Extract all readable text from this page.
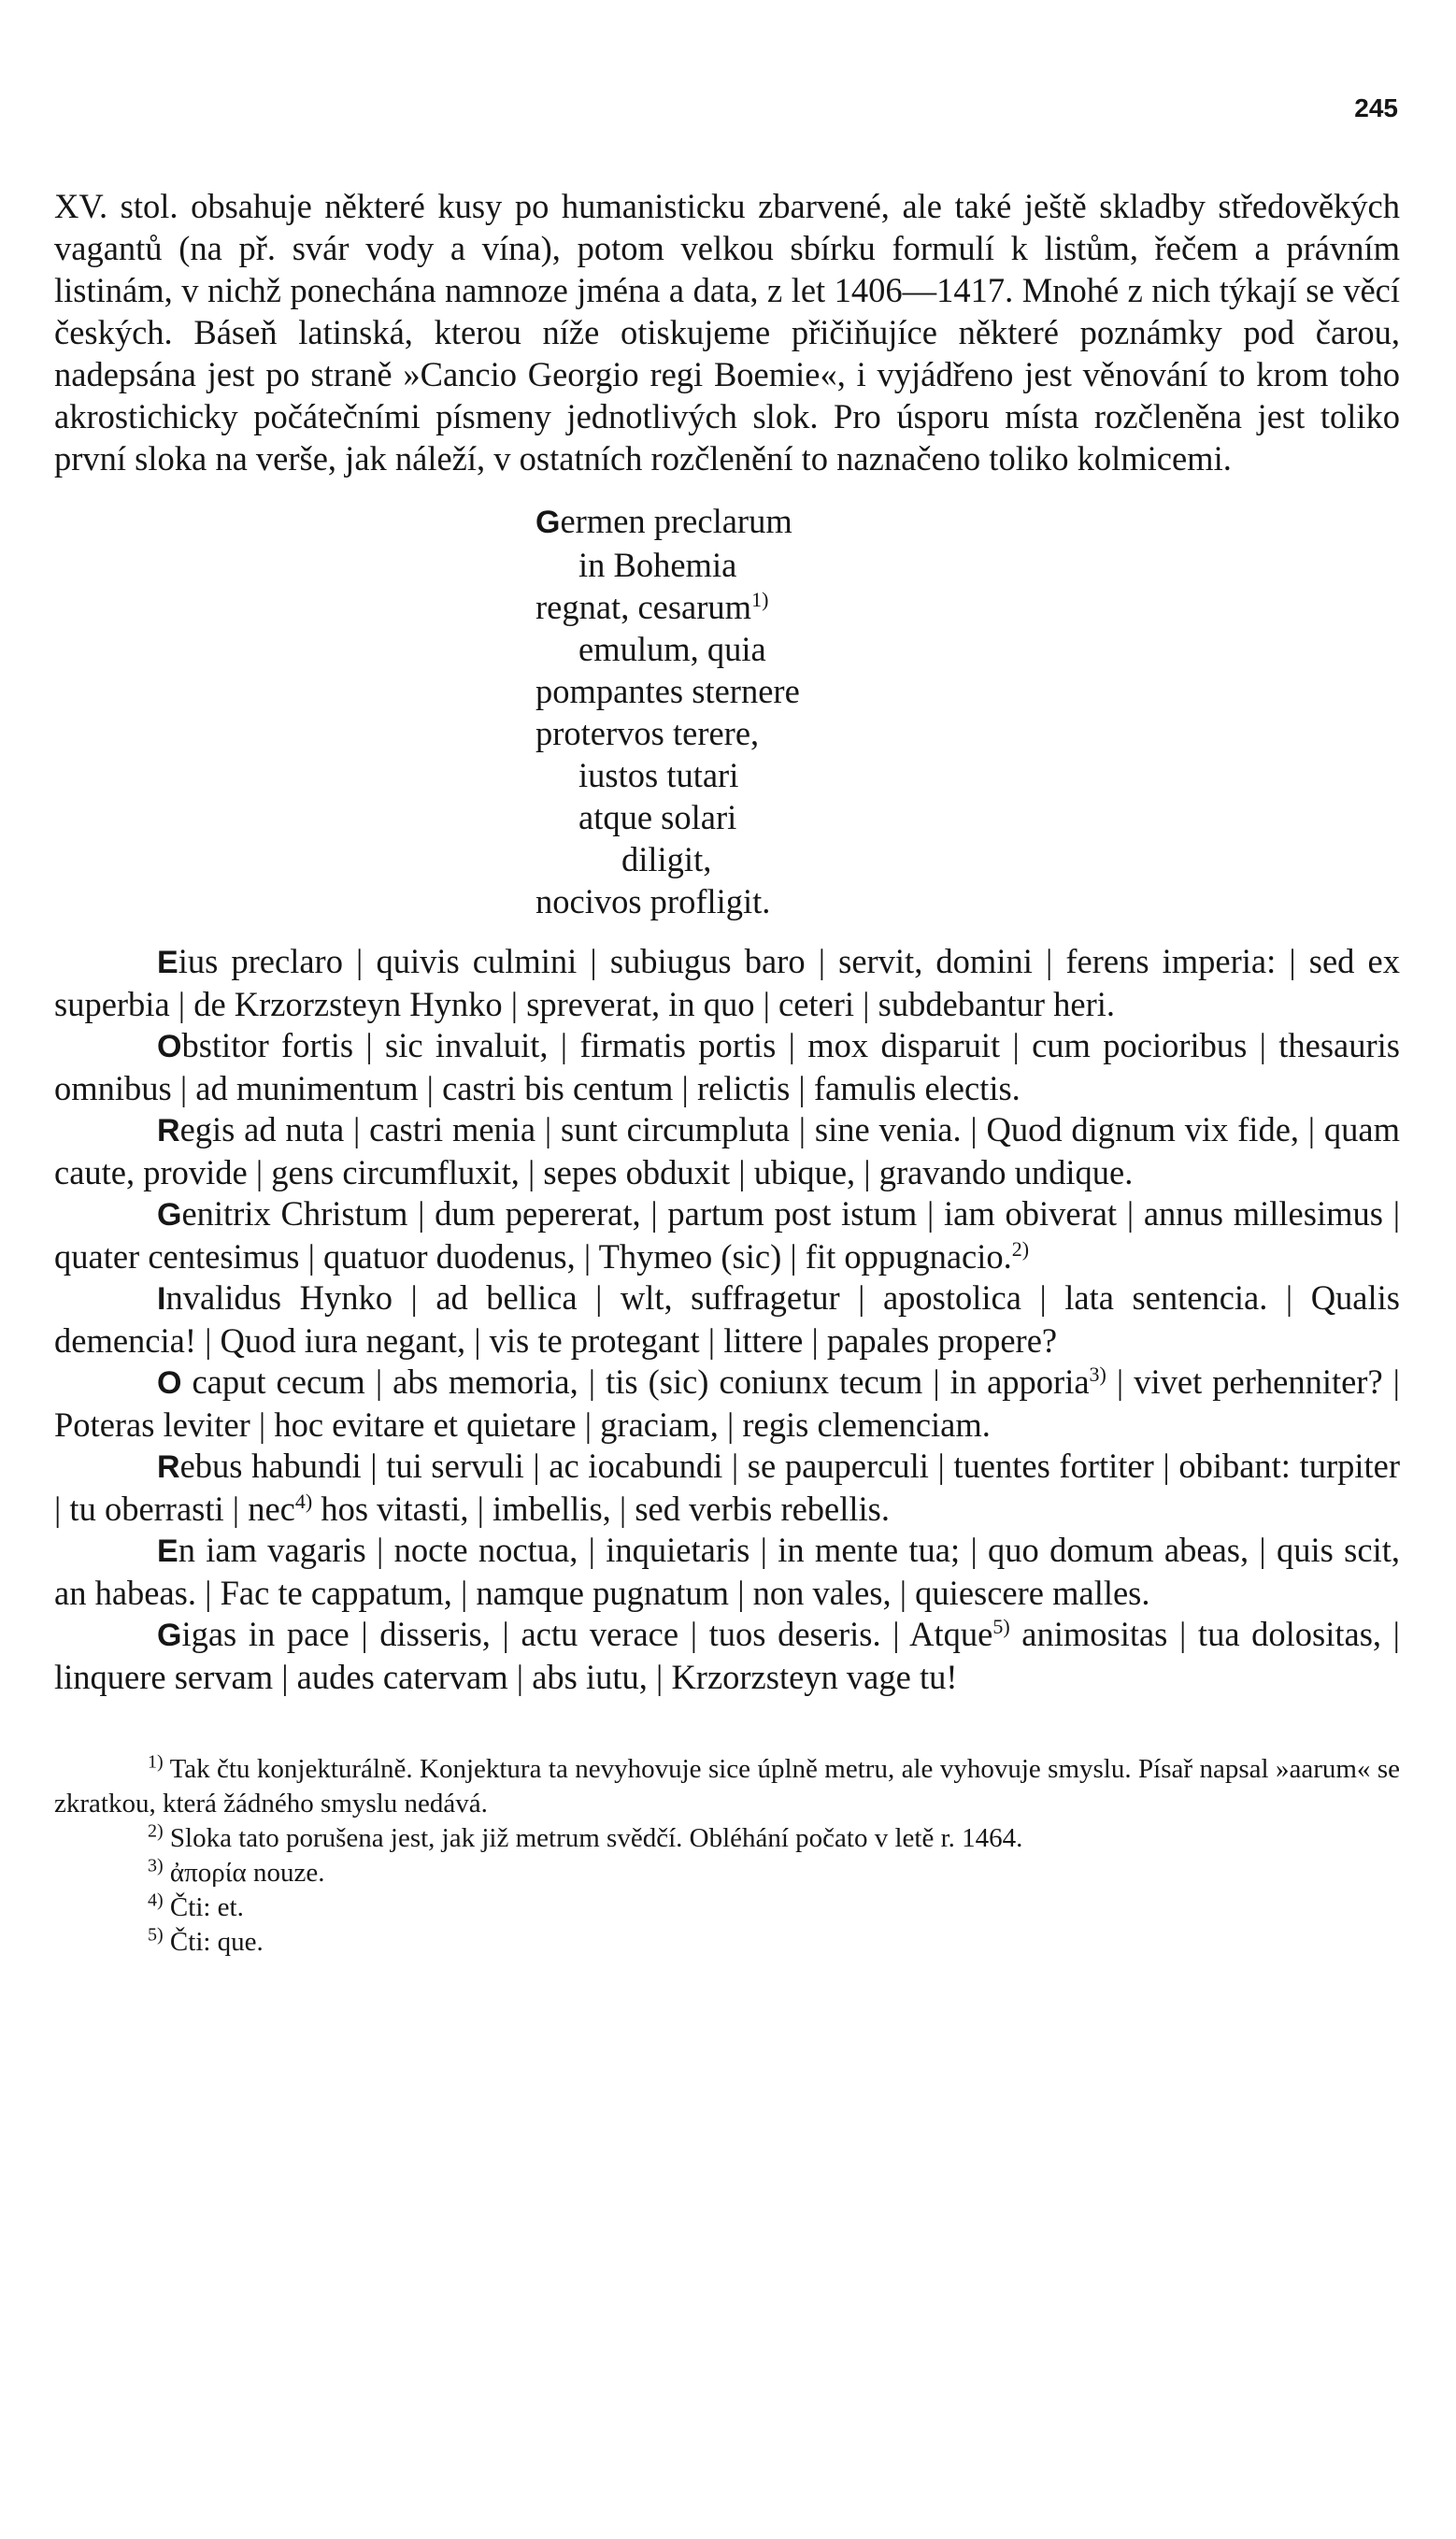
245

XV. stol. obsahuje některé kusy po humanisticku zbarvené, ale také ještě skladby středověkých vagantů (na př. svár vody a vína), potom velkou sbírku formulí k listům, řečem a právním listinám, v nichž ponechána namnoze jména a data, z let 1406—1417. Mnohé z nich týkají se věcí českých. Báseň latinská, kterou níže otiskujeme přičiňujíce některé poznámky pod čarou, nadepsána jest po straně »Cancio Georgio regi Boemie«, i vyjádřeno jest věnování to krom toho akrostichicky počátečními písmeny jednotlivých slok. Pro úsporu místa rozčleněna jest toliko první sloka na verše, jak náleží, v ostatních rozčlenění to naznačeno toliko kolmicemi.

Germen preclarum
in Bohemia
regnat, cesarum$^{1)}$
emulum, quia
pompantes sternere
protervos terere,
iustos tutari
atque solari
diligit,
nocivos profligit.

Eius preclaro | quivis culmini | subiugus baro | servit, domini | ferens imperia: | sed ex superbia | de Krzorzsteyn Hynko | spreverat, in quo | ceteri | subdebantur heri.

Obstitor fortis | sic invaluit, | firmatis portis | mox disparuit | cum pocioribus | thesauris omnibus | ad munimentum | castri bis centum | relictis | famulis electis.

Regis ad nuta | castri menia | sunt circumpluta | sine venia. | Quod dignum vix fide, | quam caute, provide | gens circumfluxit, | sepes obduxit | ubique, | gravando undique.

Genitrix Christum | dum pepererat, | partum post istum | iam obiverat | annus millesimus | quater centesimus | quatuor duodenus, | Thymeo (sic) | fit oppugnacio.$^{2)}$

Invalidus Hynko | ad bellica | wlt, suffragetur | apostolica | lata sentencia. | Qualis demencia! | Quod iura negant, | vis te protegant | littere | papales propere?

O caput cecum | abs memoria, | tis (sic) coniunx tecum | in apporia$^{3)}$ | vivet perhenniter? | Poteras leviter | hoc evitare et quietare | graciam, | regis clemenciam.

Rebus habundi | tui servuli | ac iocabundi | se pauperculi | tuentes fortiter | obibant: turpiter | tu oberrasti | nec$^{4)}$ hos vitasti, | imbellis, | sed verbis rebellis.

En iam vagaris | nocte noctua, | inquietaris | in mente tua; | quo domum abeas, | quis scit, an habeas. | Fac te cappatum, | namque pugnatum | non vales, | quiescere malles.

Gigas in pace | disseris, | actu verace | tuos deseris. | Atque$^{5)}$ animositas | tua dolositas, | linquere servam | audes catervam | abs iutu, | Krzorzsteyn vage tu!

$^{1)}$ Tak čtu konjekturálně. Konjektura ta nevyhovuje sice úplně metru, ale vyhovuje smyslu. Písař napsal »aarum« se zkratkou, která žádného smyslu nedává.

$^{2)}$ Sloka tato porušena jest, jak již metrum svědčí. Obléhání počato v letě r. 1464.

$^{3)}$ ἀπορία nouze.

$^{4)}$ Čti: et.

$^{5)}$ Čti: que.
